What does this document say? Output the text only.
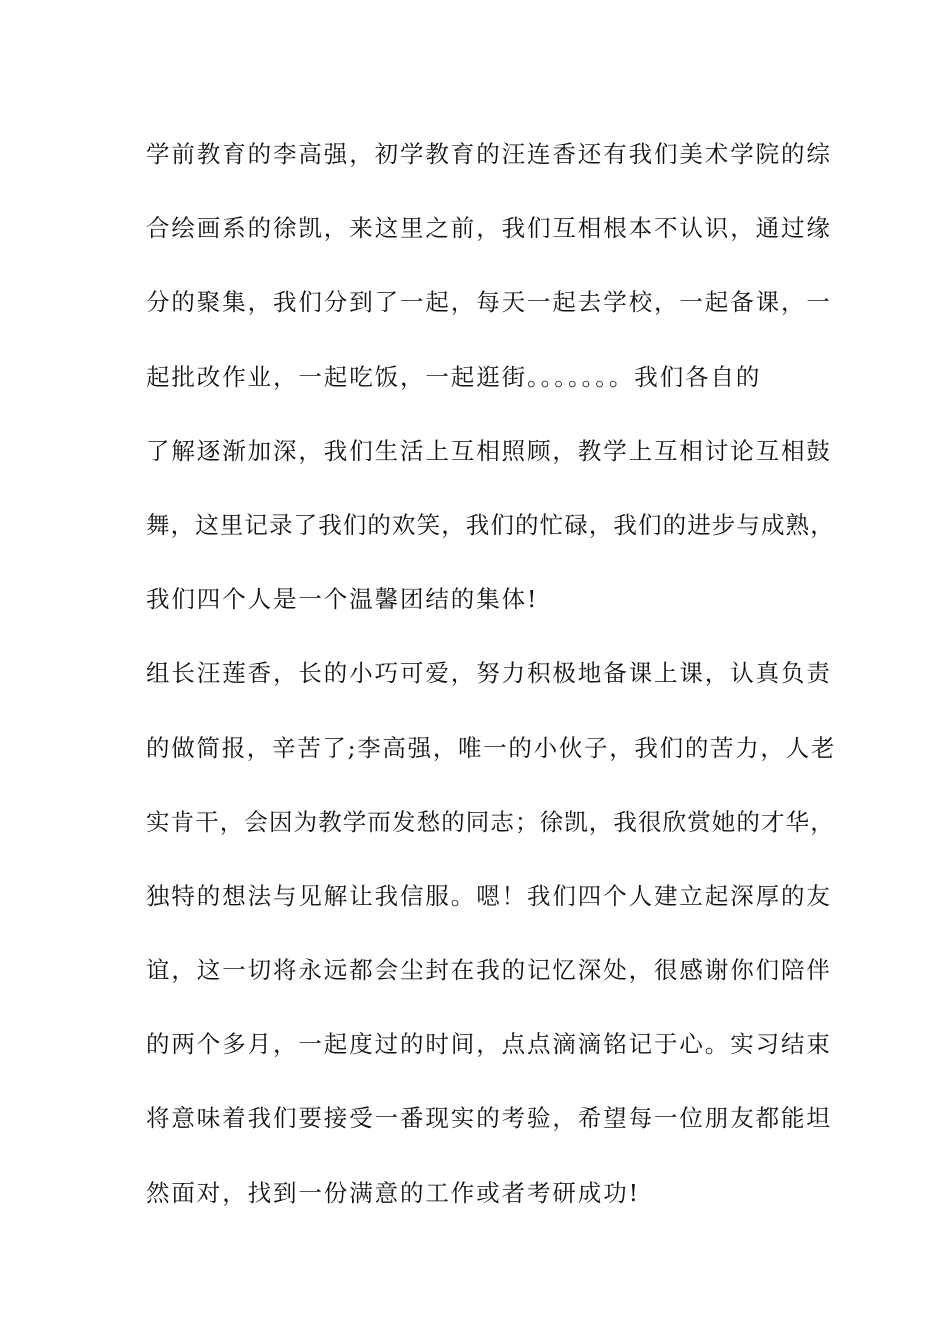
学前教育的李高强，初学教育的汪连香还有我们美术学院的综
合绘画系的徐凯，来这里之前，我们互相根本不认识，通过缘
分的聚集，我们分到了一起，每天一起去学校，一起备课，一
起批改作业，一起吃饭，一起逛街。。。。。。。我们各自的
了解逐渐加深，我们生活上互相照顾，教学上互相讨论互相鼓
舞，这里记录了我们的欢笑，我们的忙碌，我们的进步与成熟，
我们四个人是一个温馨团结的集体!
组长汪莲香，长的小巧可爱，努力积极地备课上课，认真负责
的做简报，辛苦了;李高强，唯一的小伙子，我们的苦力，人老
实肯干，会因为教学而发愁的同志；徐凯，我很欣赏她的才华，
独特的想法与见解让我信服。嗯！我们四个人建立起深厚的友
谊，这一切将永远都会尘封在我的记忆深处，很感谢你们陪伴
的两个多月，一起度过的时间，点点滴滴铭记于心。实习结束
将意味着我们要接受一番现实的考验，希望每一位朋友都能坦
然面对，找到一份满意的工作或者考研成功!
